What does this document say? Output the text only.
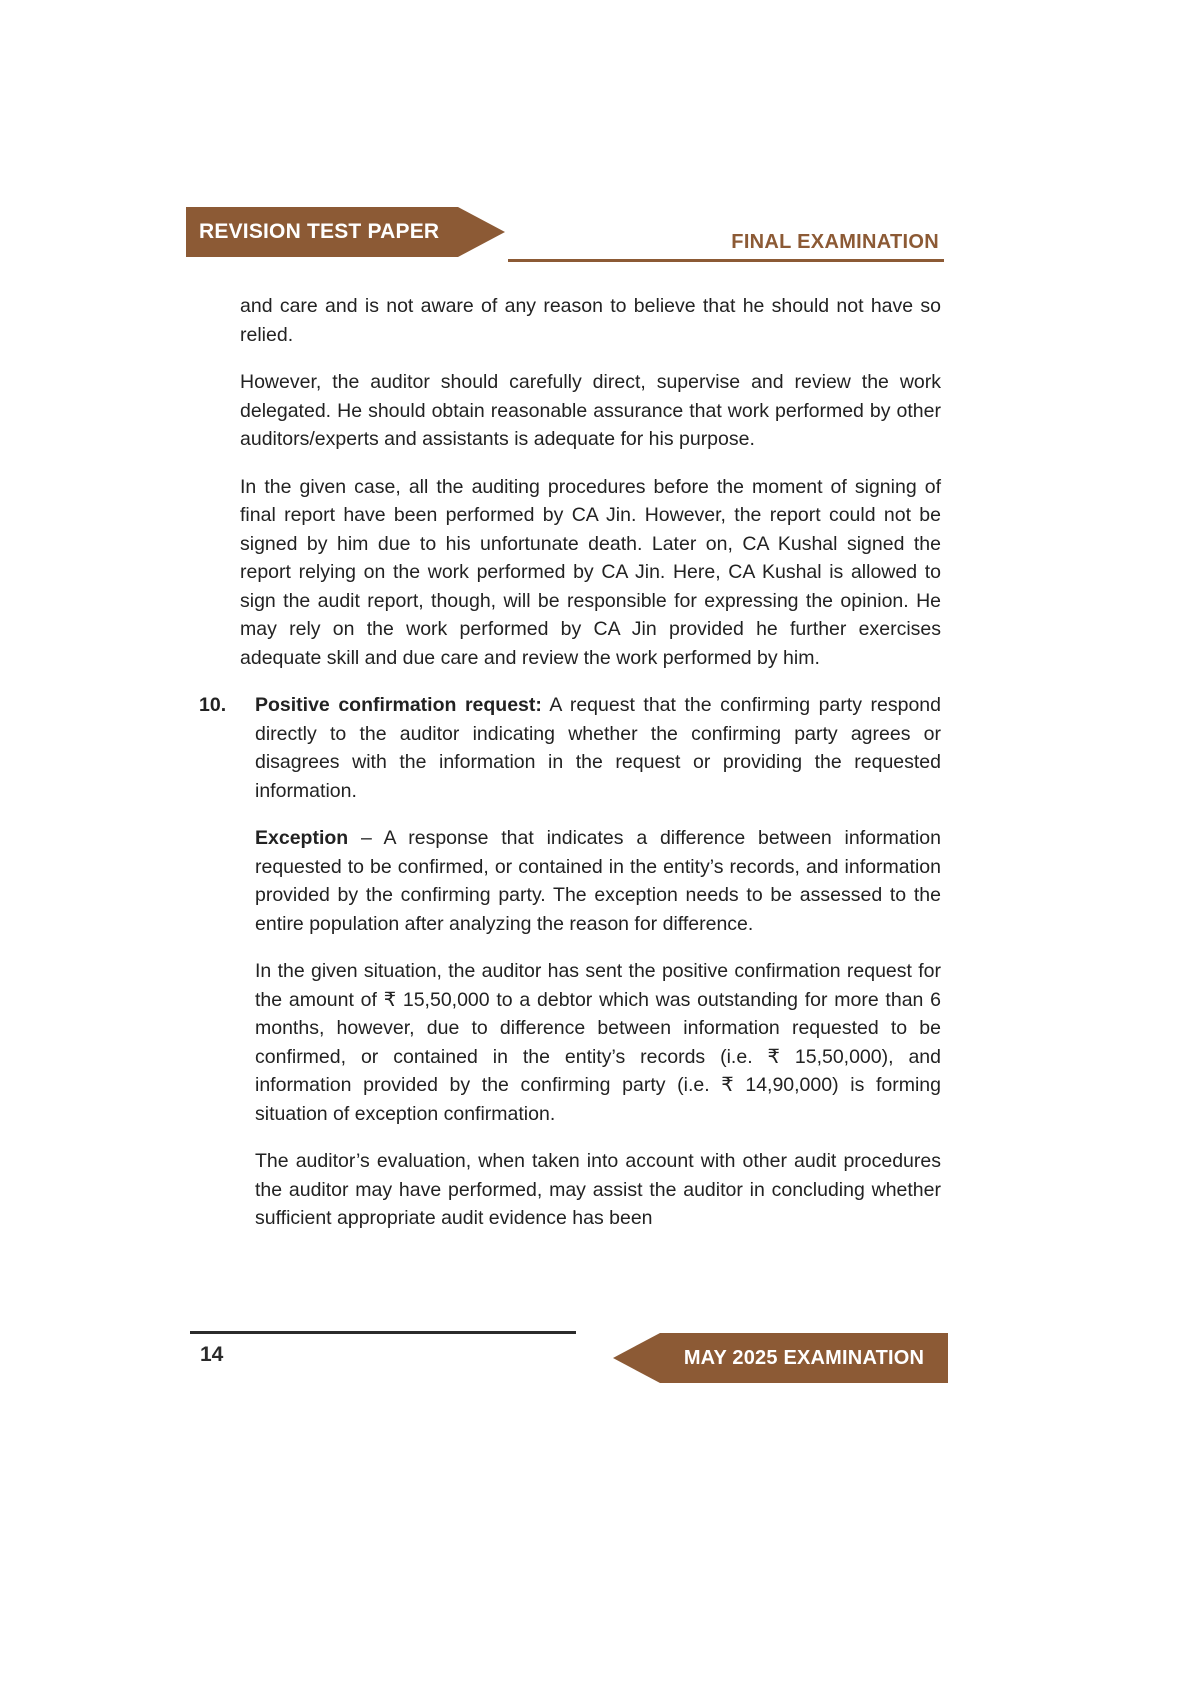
REVISION TEST PAPER	FINAL EXAMINATION

and care and is not aware of any reason to believe that he should not have so relied.

However, the auditor should carefully direct, supervise and review the work delegated. He should obtain reasonable assurance that work performed by other auditors/experts and assistants is adequate for his purpose.

In the given case, all the auditing procedures before the moment of signing of final report have been performed by CA Jin. However, the report could not be signed by him due to his unfortunate death. Later on, CA Kushal signed the report relying on the work performed by CA Jin. Here, CA Kushal is allowed to sign the audit report, though, will be responsible for expressing the opinion. He may rely on the work performed by CA Jin provided he further exercises adequate skill and due care and review the work performed by him.

10.	Positive confirmation request: A request that the confirming party respond directly to the auditor indicating whether the confirming party agrees or disagrees with the information in the request or providing the requested information.

Exception – A response that indicates a difference between information requested to be confirmed, or contained in the entity’s records, and information provided by the confirming party. The exception needs to be assessed to the entire population after analyzing the reason for difference.

In the given situation, the auditor has sent the positive confirmation request for the amount of ₹ 15,50,000 to a debtor which was outstanding for more than 6 months, however, due to difference between information requested to be confirmed, or contained in the entity’s records (i.e. ₹ 15,50,000), and information provided by the confirming party (i.e. ₹ 14,90,000) is forming situation of exception confirmation.

The auditor’s evaluation, when taken into account with other audit procedures the auditor may have performed, may assist the auditor in concluding whether sufficient appropriate audit evidence has been

MAY 2025 EXAMINATION
14
